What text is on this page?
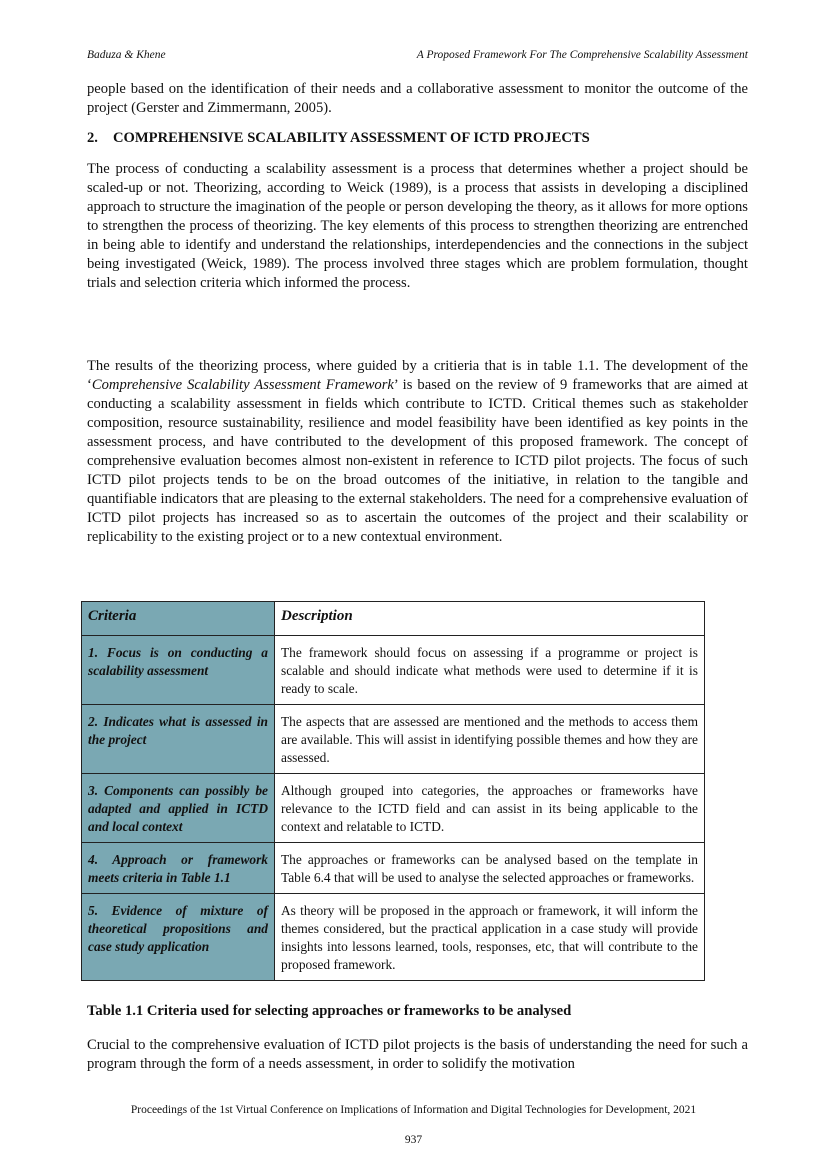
Baduza & Khene	A Proposed Framework For The Comprehensive Scalability Assessment

people based on the identification of their needs and a collaborative assessment to monitor the outcome of the project (Gerster and Zimmermann, 2005).

2. COMPREHENSIVE SCALABILITY ASSESSMENT OF ICTD PROJECTS

The process of conducting a scalability assessment is a process that determines whether a project should be scaled-up or not. Theorizing, according to Weick (1989), is a process that assists in developing a disciplined approach to structure the imagination of the people or person developing the theory, as it allows for more options to strengthen the process of theorizing. The key elements of this process to strengthen theorizing are entrenched in being able to identify and understand the relationships, interdependencies and the connections in the subject being investigated (Weick, 1989). The process involved three stages which are problem formulation, thought trials and selection criteria which informed the process.

The results of the theorizing process, where guided by a critieria that is in table 1.1. The development of the ‘Comprehensive Scalability Assessment Framework’ is based on the review of 9 frameworks that are aimed at conducting a scalability assessment in fields which contribute to ICTD. Critical themes such as stakeholder composition, resource sustainability, resilience and model feasibility have been identified as key points in the assessment process, and have contributed to the development of this proposed framework. The concept of comprehensive evaluation becomes almost non-existent in reference to ICTD pilot projects. The focus of such ICTD pilot projects tends to be on the broad outcomes of the initiative, in relation to the tangible and quantifiable indicators that are pleasing to the external stakeholders. The need for a comprehensive evaluation of ICTD pilot projects has increased so as to ascertain the outcomes of the project and their scalability or replicability to the existing project or to a new contextual environment.

Criteria	Description
1. Focus is on conducting a scalability assessment	The framework should focus on assessing if a programme or project is scalable and should indicate what methods were used to determine if it is ready to scale.
2. Indicates what is assessed in the project	The aspects that are assessed are mentioned and the methods to access them are available. This will assist in identifying possible themes and how they are assessed.
3. Components can possibly be adapted and applied in ICTD and local context	Although grouped into categories, the approaches or frameworks have relevance to the ICTD field and can assist in its being applicable to the context and relatable to ICTD.
4. Approach or framework meets criteria in Table 1.1	The approaches or frameworks can be analysed based on the template in Table 6.4 that will be used to analyse the selected approaches or frameworks.
5. Evidence of mixture of theoretical propositions and case study application	As theory will be proposed in the approach or framework, it will inform the themes considered, but the practical application in a case study will provide insights into lessons learned, tools, responses, etc, that will contribute to the proposed framework.

Table 1.1 Criteria used for selecting approaches or frameworks to be analysed

Crucial to the comprehensive evaluation of ICTD pilot projects is the basis of understanding the need for such a program through the form of a needs assessment, in order to solidify the motivation

Proceedings of the 1st Virtual Conference on Implications of Information and Digital Technologies for Development, 2021
937
